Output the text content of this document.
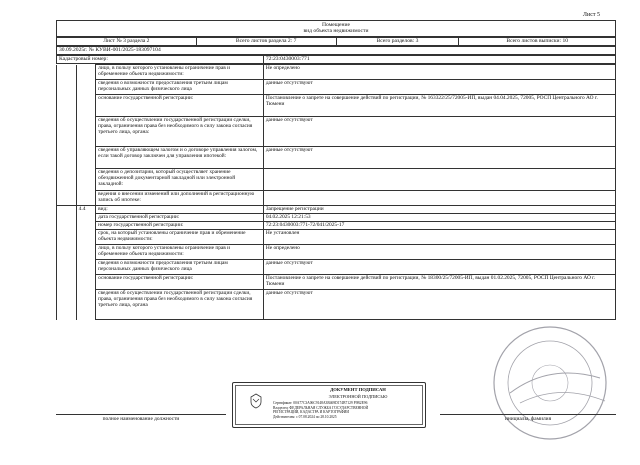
Лист 5
Помещение
вид объекта недвижимости
Лист № 3 раздела 2	Всего листов раздела 2: 7	Всего разделов: 3	Всего листов выписки: 10
30.09.2025г. № КУВИ-001/2025-183097104
Кадастровый номер:	72:23:0430003:771
		лицо, в пользу которого установлены ограничение прав и обременение объекта недвижимости:	Не определено
		сведения о возможности предоставления третьим лицам персональных данных физического лица	данные отсутствуют
		основание государственной регистрации:	Постановление о запрете на совершение действий по регистрации, № 163322/25/72005-ИП, выдан 04.04.2025, 72005, РОСП Центрального АО г. Тюмени
		сведения об осуществлении государственной регистрации сделки, права, ограничения права без необходимого в силу закона согласия третьего лица, органа:	данные отсутствуют
		сведения об управляющем залогом и о договоре управления залогом, если такой договор заключен для управления ипотекой:	данные отсутствуют
		сведения о депозитарии, который осуществляет хранение обездвиженной документарной закладной или электронной закладной:	
		ведения о внесении изменений или дополнений в регистрационную запись об ипотеке:	
	4.4	вид:	Запрещение регистрации
		дата государственной регистрации:	04.02.2025 12:21:53
		номер государственной регистрации:	72:23:0430003:771-72/041/2025-17
		срок, на который установлены ограничение прав и обременение объекта недвижимости:	Не установлен
		лицо, в пользу которого установлены ограничение прав и обременение объекта недвижимости:	Не определено
		сведения о возможности предоставления третьим лицам персональных данных физического лица	данные отсутствуют
		основание государственной регистрации:	Постановление о запрете на совершение действий по регистрации, № 18300/25/72005-ИП, выдан 01.02.2025, 72005, РОСП Центрального АО г. Тюмени
		сведения об осуществлении государственной регистрации сделки, права, ограничения права без необходимого в силу закона согласия третьего лица, органа	данные отсутствуют
ДОКУМЕНТ ПОДПИСАН
ЭЛЕКТРОННОЙ ПОДПИСЬЮ
Сертификат: 00A77C3A06C9148A3B469D174B7129 F9B2E96
Владелец: ФЕДЕРАЛЬНАЯ СЛУЖБА ГОСУДАРСТВЕННОЙ
РЕГИСТРАЦИИ, КАДАСТРА И КАРТОГРАФИИ
Действителен: с 07.08.2024 по 28.10.2025
полное наименование должности	инициалы, фамилия
